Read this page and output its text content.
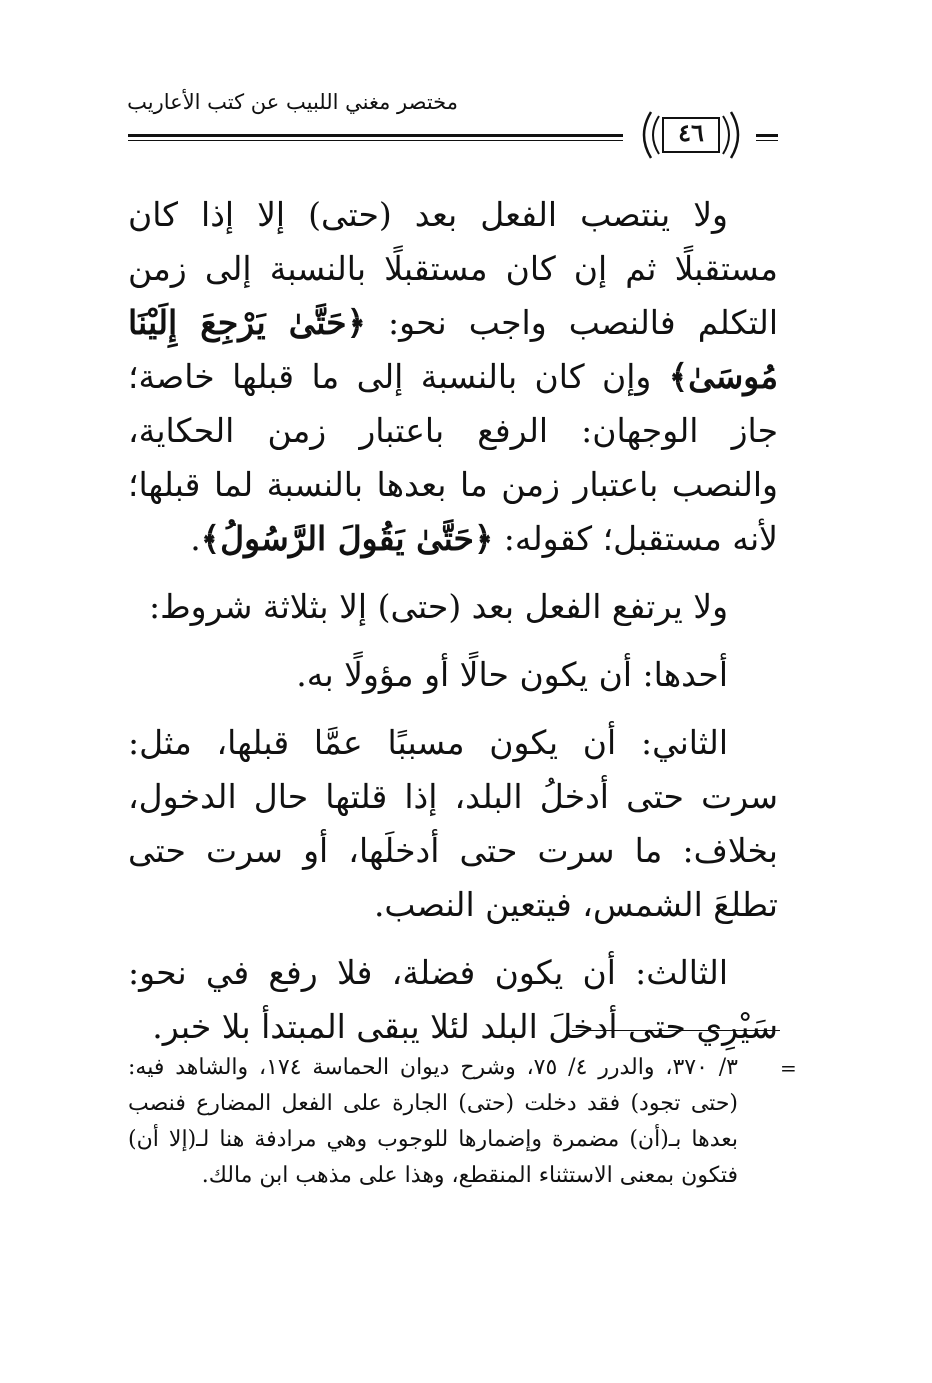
مختصر مغني اللبيب عن كتب الأعاريب
٤٦

ولا ينتصب الفعل بعد (حتى) إلا إذا كان مستقبلًا ثم إن كان مستقبلًا بالنسبة إلى زمن التكلم فالنصب واجب نحو: ﴿حَتَّىٰ يَرْجِعَ إِلَيْنَا مُوسَىٰ﴾ وإن كان بالنسبة إلى ما قبلها خاصة؛ جاز الوجهان: الرفع باعتبار زمن الحكاية، والنصب باعتبار زمن ما بعدها بالنسبة لما قبلها؛ لأنه مستقبل؛ كقوله: ﴿حَتَّىٰ يَقُولَ الرَّسُولُ﴾.

ولا يرتفع الفعل بعد (حتى) إلا بثلاثة شروط:

أحدها: أن يكون حالًا أو مؤولًا به.

الثاني: أن يكون مسببًا عمَّا قبلها، مثل: سرت حتى أدخلُ البلد، إذا قلتها حال الدخول، بخلاف: ما سرت حتى أدخلَها، أو سرت حتى تطلعَ الشمس، فيتعين النصب.

الثالث: أن يكون فضلة، فلا رفع في نحو: سَيْرِي حتى أدخلَ البلد لئلا يبقى المبتدأ بلا خبر.

=

٣/ ٣٧٠، والدرر ٤/ ٧٥، وشرح ديوان الحماسة ١٧٤، والشاهد فيه: (حتى تجود) فقد دخلت (حتى) الجارة على الفعل المضارع فنصب بعدها بـ(أن) مضمرة وإضمارها للوجوب وهي مرادفة هنا لـ(إلا أن) فتكون بمعنى الاستثناء المنقطع، وهذا على مذهب ابن مالك.
